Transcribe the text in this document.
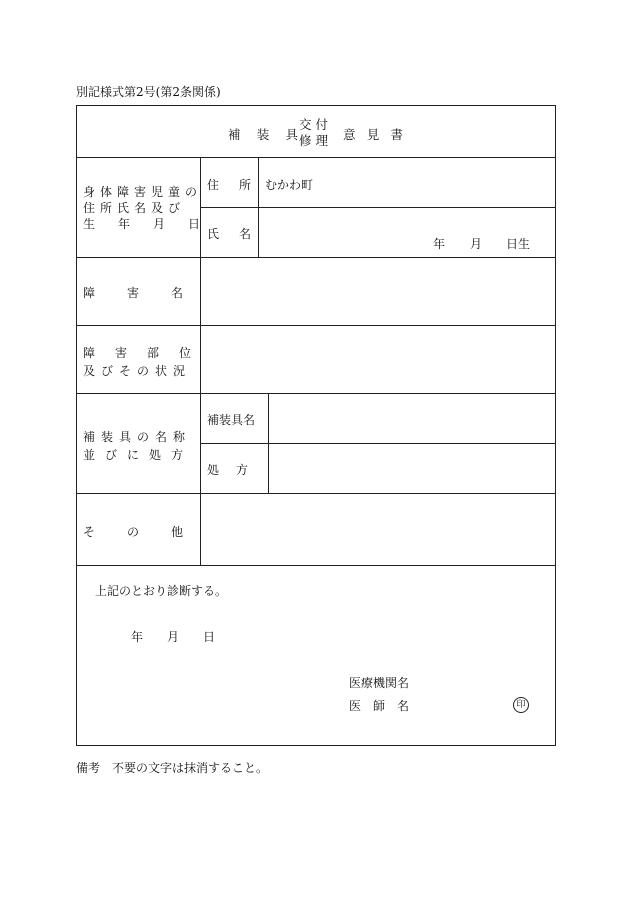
別記様式第2号(第2条関係)
補 装 具
交付
修理 意 見 書
身体障害児童の
住所氏名及び
生年月日
住所
むかわ町
氏名
年 月 日生
障害名
障害部位
及びその状況
補装具の名称
並びに処方
補装具名
処方
その他
上記のとおり診断する。
年 月 日
医療機関名
医師名	印
備考　不要の文字は抹消すること。
